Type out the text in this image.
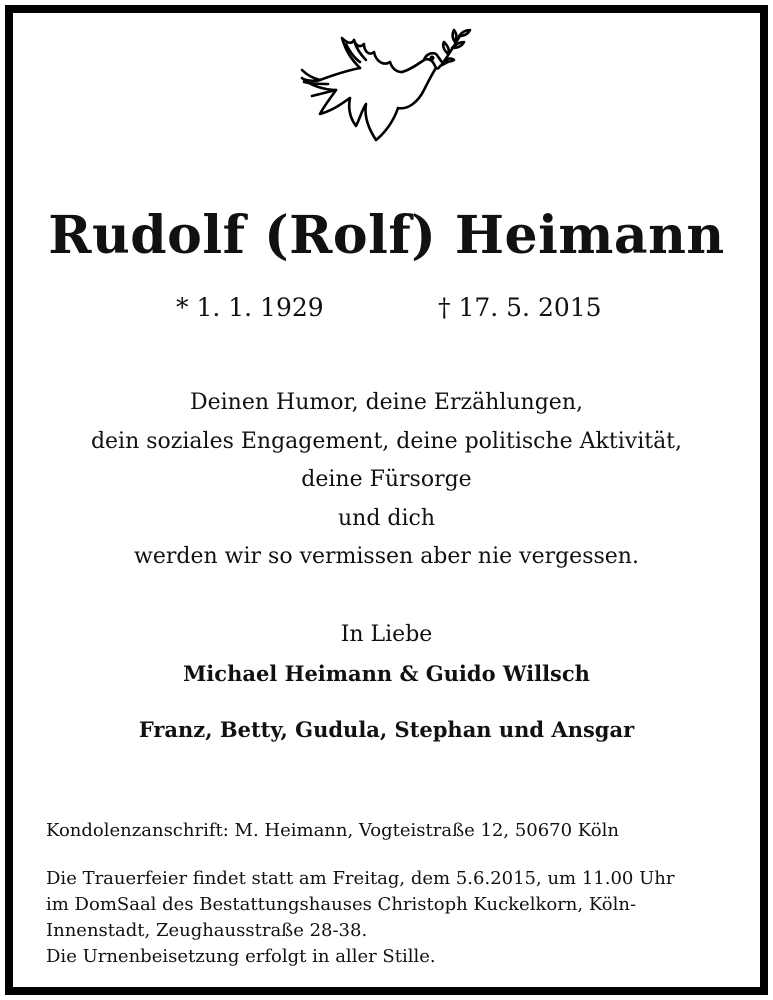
Rudolf (Rolf) Heimann
* 1. 1. 1929	† 17. 5. 2015
Deinen Humor, deine Erzählungen,
dein soziales Engagement, deine politische Aktivität,
deine Fürsorge
und dich
werden wir so vermissen aber nie vergessen.
In Liebe
Michael Heimann & Guido Willsch
Franz, Betty, Gudula, Stephan und Ansgar
Kondolenzanschrift: M. Heimann, Vogteistraße 12, 50670 Köln
Die Trauerfeier findet statt am Freitag, dem 5.6.2015, um 11.00 Uhr
im DomSaal des Bestattungshauses Christoph Kuckelkorn, Köln-
Innenstadt, Zeughausstraße 28-38.
Die Urnenbeisetzung erfolgt in aller Stille.
